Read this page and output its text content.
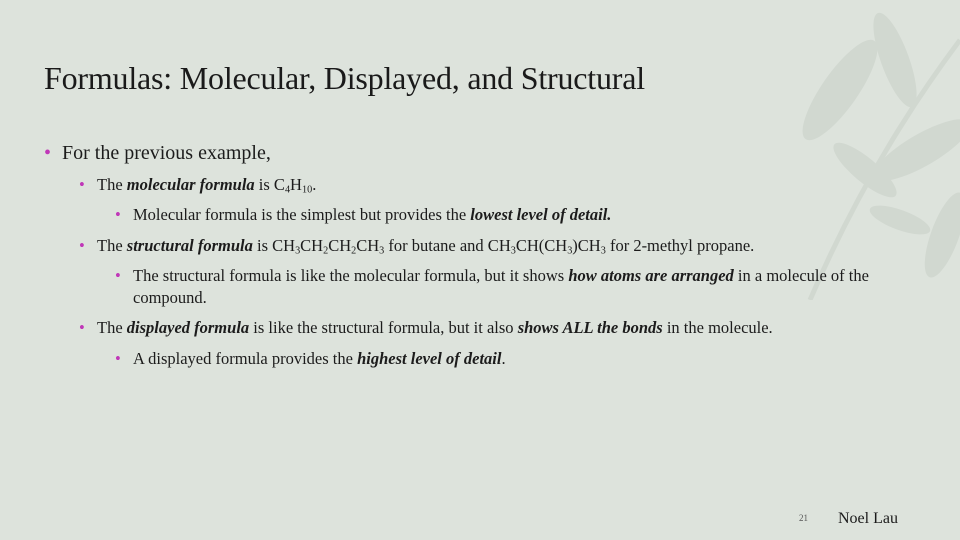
Formulas: Molecular, Displayed, and Structural
• For the previous example,
• The molecular formula is $C_4H_{10}$.
• Molecular formula is the simplest but provides the lowest level of detail.
• The structural formula is $CH_3CH_2CH_2CH_3$ for butane and $CH_3CH(CH_3)CH_3$ for 2-methyl propane.
• The structural formula is like the molecular formula, but it shows how atoms are arranged in a molecule of the compound.
• The displayed formula is like the structural formula, but it also shows ALL the bonds in the molecule.
• A displayed formula provides the highest level of detail.
21 Noel Lau
